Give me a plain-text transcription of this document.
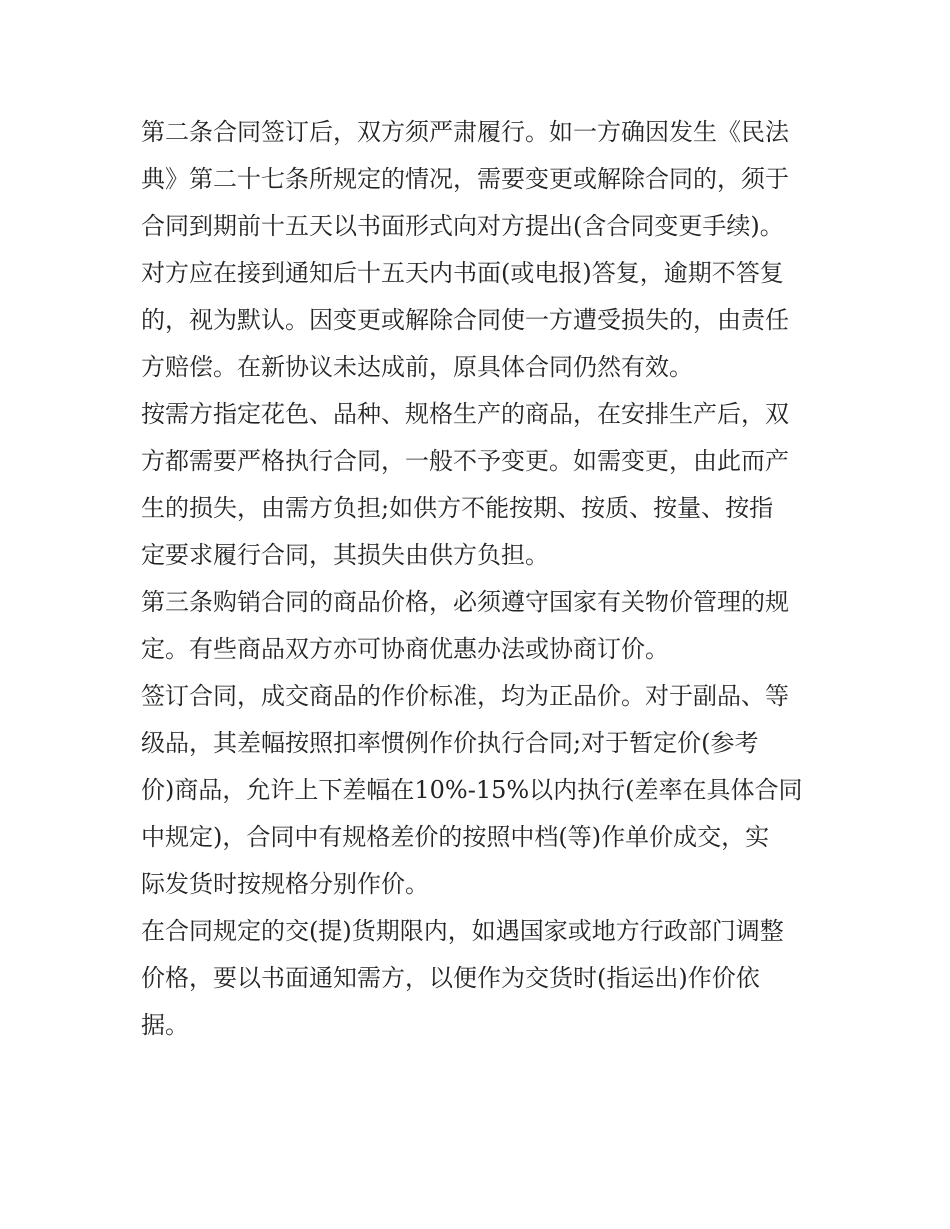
第二条合同签订后，双方须严肃履行。如一方确因发生《民法
典》第二十七条所规定的情况，需要变更或解除合同的，须于
合同到期前十五天以书面形式向对方提出(含合同变更手续)。
对方应在接到通知后十五天内书面(或电报)答复，逾期不答复
的，视为默认。因变更或解除合同使一方遭受损失的，由责任
方赔偿。在新协议未达成前，原具体合同仍然有效。
按需方指定花色、品种、规格生产的商品，在安排生产后，双
方都需要严格执行合同，一般不予变更。如需变更，由此而产
生的损失，由需方负担;如供方不能按期、按质、按量、按指
定要求履行合同，其损失由供方负担。
第三条购销合同的商品价格，必须遵守国家有关物价管理的规
定。有些商品双方亦可协商优惠办法或协商订价。
签订合同，成交商品的作价标准，均为正品价。对于副品、等
级品，其差幅按照扣率惯例作价执行合同;对于暂定价(参考
价)商品，允许上下差幅在10%-15%以内执行(差率在具体合同
中规定)，合同中有规格差价的按照中档(等)作单价成交，实
际发货时按规格分别作价。
在合同规定的交(提)货期限内，如遇国家或地方行政部门调整
价格，要以书面通知需方，以便作为交货时(指运出)作价依
据。
